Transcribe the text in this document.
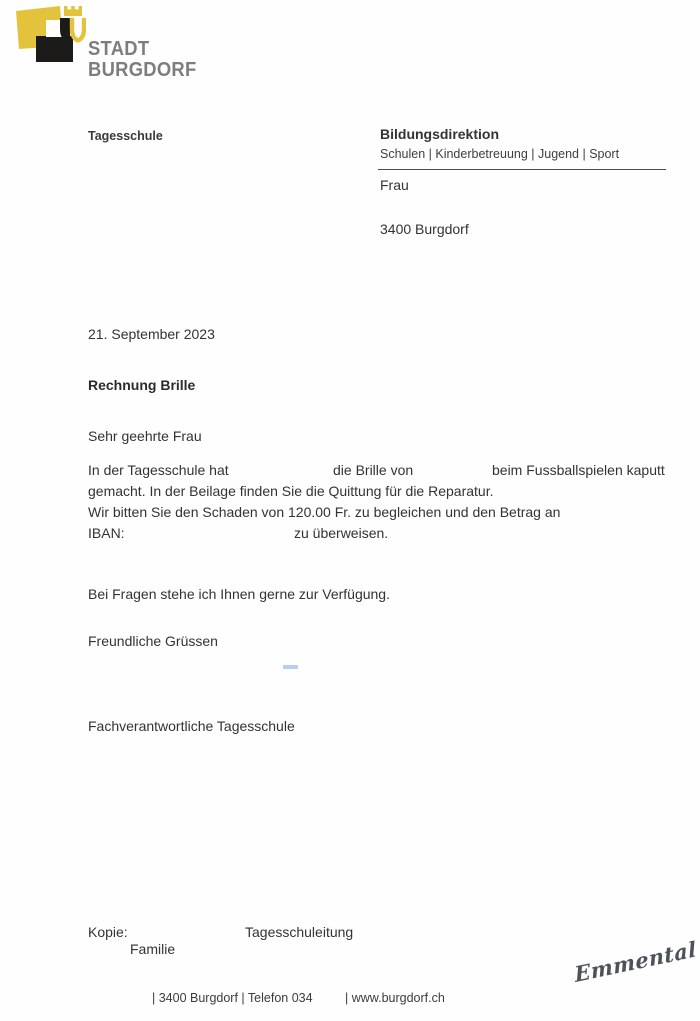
STADT
BURGDORF
Tagesschule	Bildungsdirektion
Schulen | Kinderbetreuung | Jugend | Sport
Frau
3400 Burgdorf
21. September 2023
Rechnung Brille
Sehr geehrte Frau
In der Tagesschule hat	die Brille von	beim Fussballspielen kaputt
gemacht. In der Beilage finden Sie die Quittung für die Reparatur.
Wir bitten Sie den Schaden von 120.00 Fr. zu begleichen und den Betrag an
IBAN:	zu überweisen.
Bei Fragen stehe ich Ihnen gerne zur Verfügung.
Freundliche Grüssen
Fachverantwortliche Tagesschule
Kopie:	Tagesschuleitung
Familie
| 3400 Burgdorf | Telefon 034	| www.burgdorf.ch
Emmental
